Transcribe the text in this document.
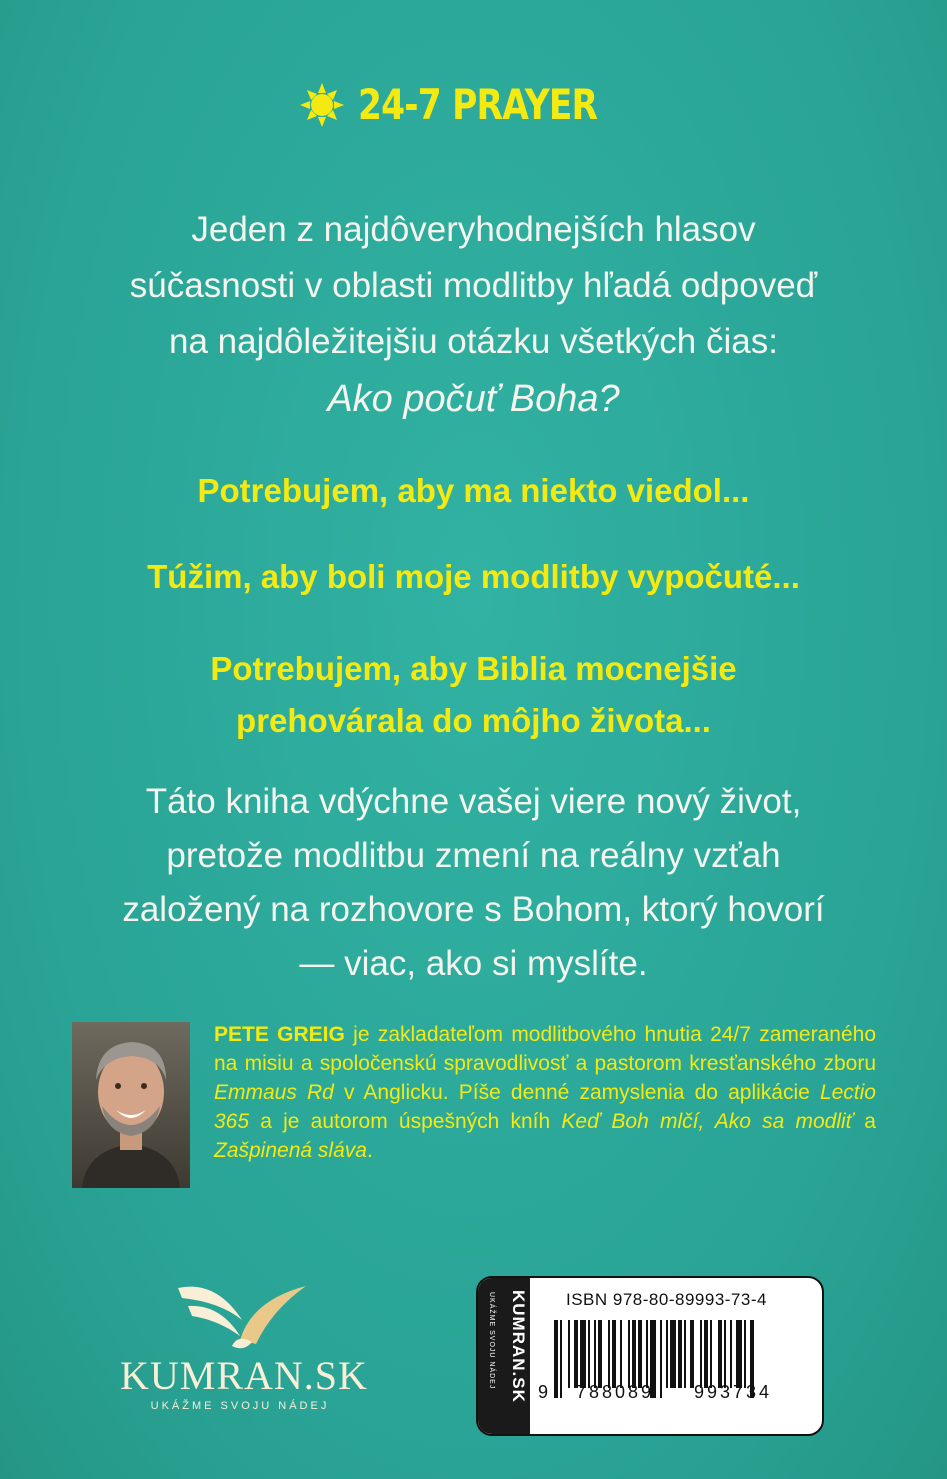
24-7 PRAYER
Jeden z najdôveryhodnejších hlasov
súčasnosti v oblasti modlitby hľadá odpoveď
na najdôležitejšiu otázku všetkých čias:
Ako počuť Boha?
Potrebujem, aby ma niekto viedol...
Túžim, aby boli moje modlitby vypočuté...
Potrebujem, aby Biblia mocnejšie
prehovárala do môjho života...
Táto kniha vdýchne vašej viere nový život,
pretože modlitbu zmení na reálny vzťah
založený na rozhovore s Bohom, ktorý hovorí
— viac, ako si myslíte.
PETE GREIG je zakladateľom modlitbového hnutia 24/7 zameraného na misiu a spoločenskú spravodlivosť a pastorom kresťanského zboru Emmaus Rd v Anglicku. Píše denné zamyslenia do aplikácie Lectio 365 a je autorom úspešných kníh Keď Boh mlčí, Ako sa modliť a Zašpinená sláva.
KUMRAN.SK
UKÁŽME SVOJU NÁDEJ
KUMRAN.SK
UKÁŽME SVOJU NÁDEJ	ISBN 978-80-89993-73-4
9 788089 993734
